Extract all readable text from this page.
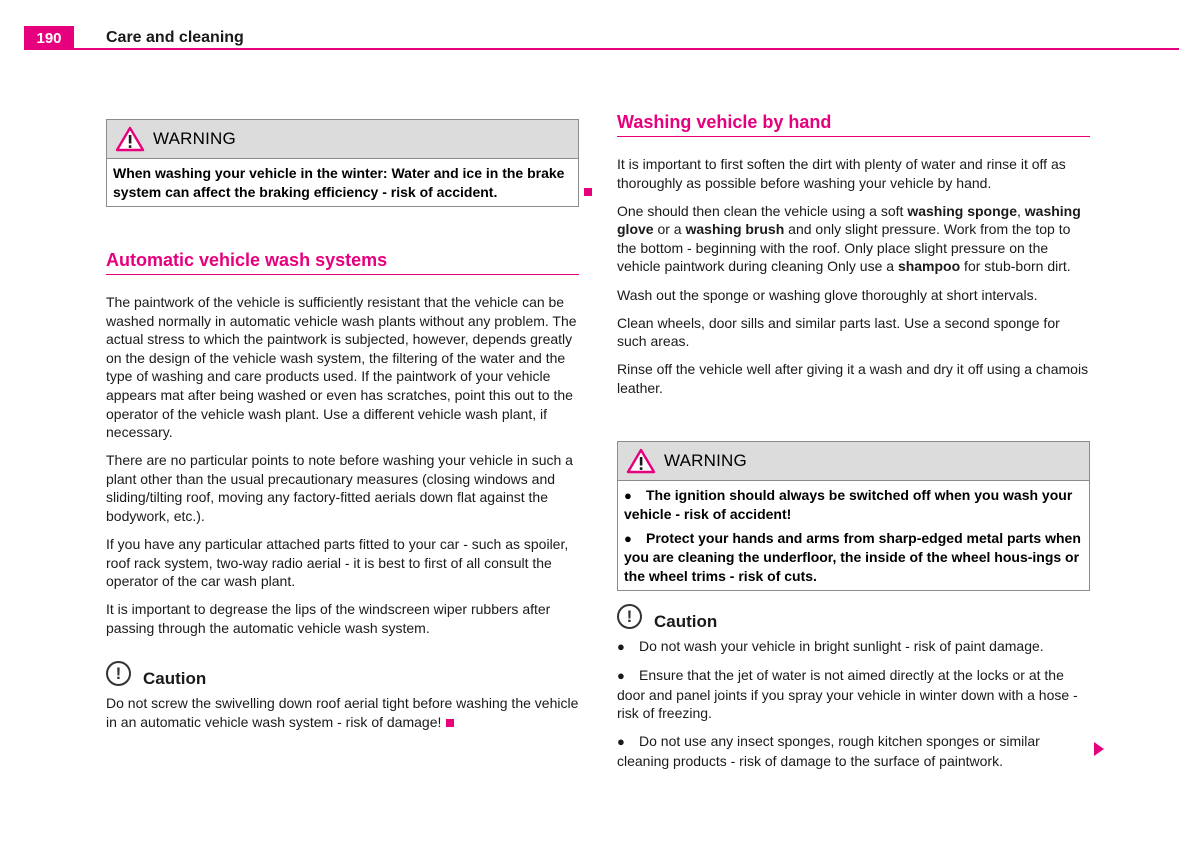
190	Care and cleaning
WARNING

When washing your vehicle in the winter: Water and ice in the brake system can affect the braking efficiency - risk of accident.

Automatic vehicle wash systems

The paintwork of the vehicle is sufficiently resistant that the vehicle can be washed normally in automatic vehicle wash plants without any problem. The actual stress to which the paintwork is subjected, however, depends greatly on the design of the vehicle wash system, the filtering of the water and the type of washing and care products used. If the paintwork of your vehicle appears mat after being washed or even has scratches, point this out to the operator of the vehicle wash plant. Use a different vehicle wash plant, if necessary.

There are no particular points to note before washing your vehicle in such a plant other than the usual precautionary measures (closing windows and sliding/tilting roof, moving any factory-fitted aerials down flat against the bodywork, etc.).

If you have any particular attached parts fitted to your car - such as spoiler, roof rack system, two-way radio aerial - it is best to first of all consult the operator of the car wash plant.

It is important to degrease the lips of the windscreen wiper rubbers after passing through the automatic vehicle wash system.

!	Caution

Do not screw the swivelling down roof aerial tight before washing the vehicle in an automatic vehicle wash system - risk of damage!

Washing vehicle by hand

It is important to first soften the dirt with plenty of water and rinse it off as thoroughly as possible before washing your vehicle by hand.

One should then clean the vehicle using a soft washing sponge, washing glove or a washing brush and only slight pressure. Work from the top to the bottom - beginning with the roof. Only place slight pressure on the vehicle paintwork during cleaning Only use a shampoo for stub-born dirt.

Wash out the sponge or washing glove thoroughly at short intervals.

Clean wheels, door sills and similar parts last. Use a second sponge for such areas.

Rinse off the vehicle well after giving it a wash and dry it off using a chamois leather.

WARNING

● The ignition should always be switched off when you wash your vehicle - risk of accident!

● Protect your hands and arms from sharp-edged metal parts when you are cleaning the underfloor, the inside of the wheel hous-ings or the wheel trims - risk of cuts.

!	Caution

● Do not wash your vehicle in bright sunlight - risk of paint damage.

● Ensure that the jet of water is not aimed directly at the locks or at the door and panel joints if you spray your vehicle in winter down with a hose - risk of freezing.

● Do not use any insect sponges, rough kitchen sponges or similar cleaning products - risk of damage to the surface of paintwork.
